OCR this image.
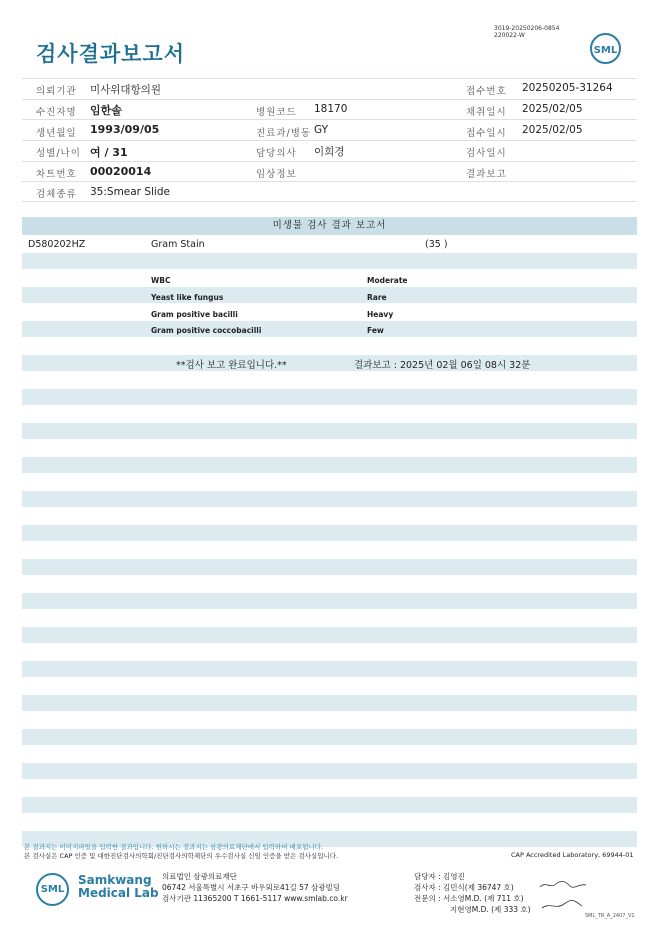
검사결과보고서
3019-20250206-0854
220022-W
SML
의뢰기관 미사위대항의원	접수번호 20250205-31264
수진자명 임한솔	병원코드 18170	채취일시 2025/02/05
생년월일 1993/09/05	진료과/병동 GY	접수일시 2025/02/05
성별/나이 여 / 31	담당의사 이희경	검사일시
차트번호 00020014	임상정보	결과보고
검체종류 35:Smear Slide
미생물 검사 결과 보고서
D580202HZ	Gram Stain	(35 )
WBC	Moderate
Yeast like fungus	Rare
Gram positive bacilli	Heavy
Gram positive coccobacilli	Few
**검사 보고 완료입니다.**	결과보고 : 2025년 02월 06일 08시 32분
본 결과지는 이미지파일을 입력한 결과입니다. 원하시는 결과지는 삼광의료재단에서 입력하여 배포됩니다.
본 검사실은 CAP 인증 및 대한진단검사의학회/진단검사의학재단의 우수검사실 신임 인증을 받은 검사실입니다.	CAP Accredited Laboratory, 69944-01
SML
Samkwang
Medical Lab
의료법인 삼광의료재단
06742 서울특별시 서초구 바우뫼로41길 57 삼광빌딩
검사기관 11365200 T 1661-5117 www.smlab.co.kr
담당자 : 김영진
검사자 : 김민식(제 36747 호)
전문의 : 서소영M.D. (제 711 호)
지현영M.D. (제 333 호)
SML_TR_A_2407_V1
